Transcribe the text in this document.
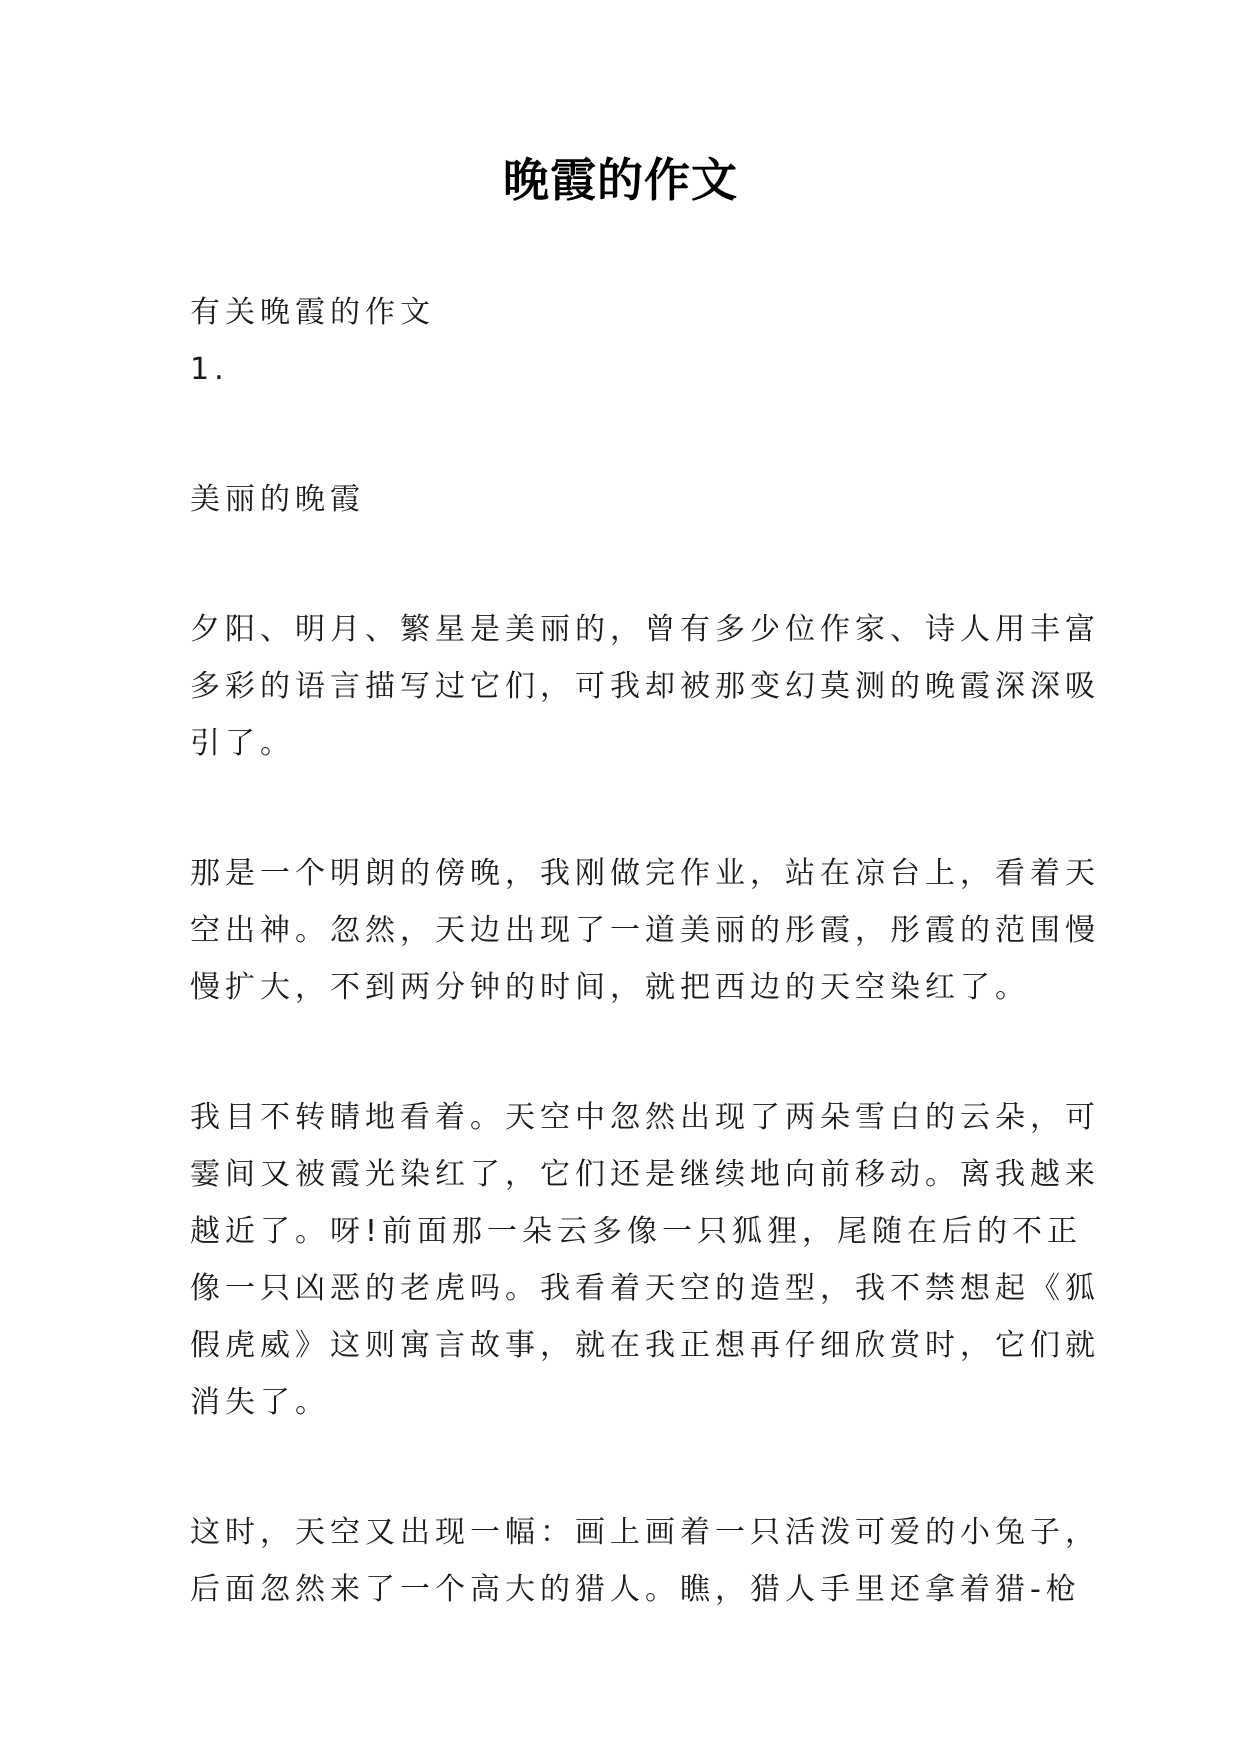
晚霞的作文
有关晚霞的作文
1.
美丽的晚霞
夕阳、明月、繁星是美丽的，曾有多少位作家、诗人用丰富
多彩的语言描写过它们，可我却被那变幻莫测的晚霞深深吸
引了。
那是一个明朗的傍晚，我刚做完作业，站在凉台上，看着天
空出神。忽然，天边出现了一道美丽的彤霞，彤霞的范围慢
慢扩大，不到两分钟的时间，就把西边的天空染红了。
我目不转睛地看着。天空中忽然出现了两朵雪白的云朵，可
霎间又被霞光染红了，它们还是继续地向前移动。离我越来
越近了。呀!前面那一朵云多像一只狐狸，尾随在后的不正
像一只凶恶的老虎吗。我看着天空的造型，我不禁想起《狐
假虎威》这则寓言故事，就在我正想再仔细欣赏时，它们就
消失了。
这时，天空又出现一幅：画上画着一只活泼可爱的小兔子，
后面忽然来了一个高大的猎人。瞧，猎人手里还拿着猎-枪
